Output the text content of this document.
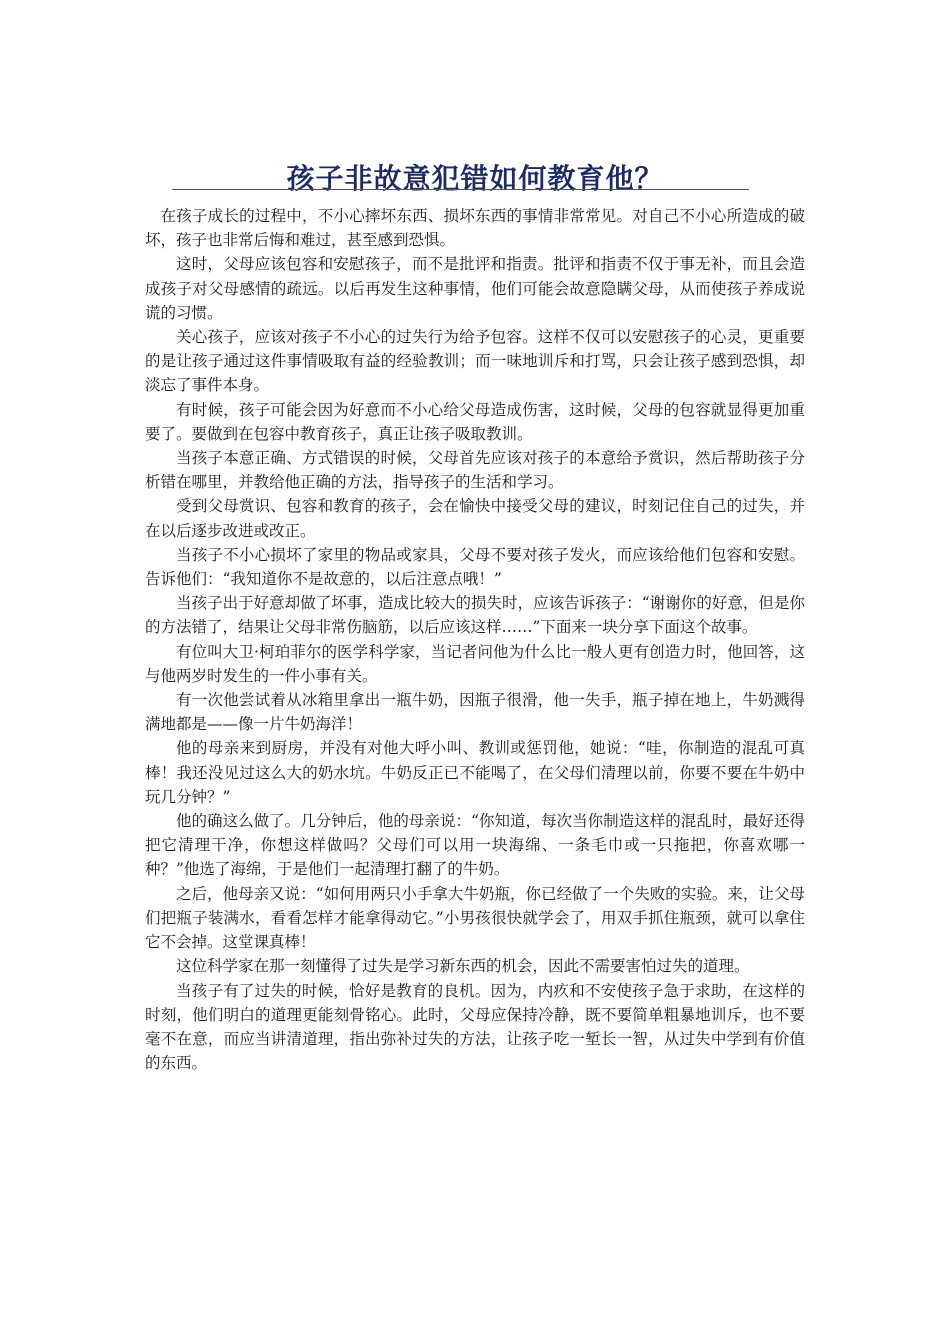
孩子非故意犯错如何教育他？

在孩子成长的过程中，不小心摔坏东西、损坏东西的事情非常常见。对自己不小心所造成的破坏，孩子也非常后悔和难过，甚至感到恐惧。

这时，父母应该包容和安慰孩子，而不是批评和指责。批评和指责不仅于事无补，而且会造成孩子对父母感情的疏远。以后再发生这种事情，他们可能会故意隐瞒父母，从而使孩子养成说谎的习惯。

关心孩子，应该对孩子不小心的过失行为给予包容。这样不仅可以安慰孩子的心灵，更重要的是让孩子通过这件事情吸取有益的经验教训；而一味地训斥和打骂，只会让孩子感到恐惧，却淡忘了事件本身。

有时候，孩子可能会因为好意而不小心给父母造成伤害，这时候，父母的包容就显得更加重要了。要做到在包容中教育孩子，真正让孩子吸取教训。

当孩子本意正确、方式错误的时候，父母首先应该对孩子的本意给予赏识，然后帮助孩子分析错在哪里，并教给他正确的方法，指导孩子的生活和学习。

受到父母赏识、包容和教育的孩子，会在愉快中接受父母的建议，时刻记住自己的过失，并在以后逐步改进或改正。

当孩子不小心损坏了家里的物品或家具，父母不要对孩子发火，而应该给他们包容和安慰。告诉他们：“我知道你不是故意的，以后注意点哦！”

当孩子出于好意却做了坏事，造成比较大的损失时，应该告诉孩子：“谢谢你的好意，但是你的方法错了，结果让父母非常伤脑筋，以后应该这样……”下面来一块分享下面这个故事。

有位叫大卫·柯珀菲尔的医学科学家，当记者问他为什么比一般人更有创造力时，他回答，这与他两岁时发生的一件小事有关。

有一次他尝试着从冰箱里拿出一瓶牛奶，因瓶子很滑，他一失手，瓶子掉在地上，牛奶溅得满地都是——像一片牛奶海洋！

他的母亲来到厨房，并没有对他大呼小叫、教训或惩罚他，她说：“哇，你制造的混乱可真棒！我还没见过这么大的奶水坑。牛奶反正已不能喝了，在父母们清理以前，你要不要在牛奶中玩几分钟？”

他的确这么做了。几分钟后，他的母亲说：“你知道，每次当你制造这样的混乱时，最好还得把它清理干净，你想这样做吗？父母们可以用一块海绵、一条毛巾或一只拖把，你喜欢哪一种？”他选了海绵，于是他们一起清理打翻了的牛奶。

之后，他母亲又说：“如何用两只小手拿大牛奶瓶，你已经做了一个失败的实验。来，让父母们把瓶子装满水，看看怎样才能拿得动它。”小男孩很快就学会了，用双手抓住瓶颈，就可以拿住它不会掉。这堂课真棒！

这位科学家在那一刻懂得了过失是学习新东西的机会，因此不需要害怕过失的道理。

当孩子有了过失的时候，恰好是教育的良机。因为，内疚和不安使孩子急于求助，在这样的时刻，他们明白的道理更能刻骨铭心。此时，父母应保持冷静，既不要简单粗暴地训斥，也不要毫不在意，而应当讲清道理，指出弥补过失的方法，让孩子吃一堑长一智，从过失中学到有价值的东西。
